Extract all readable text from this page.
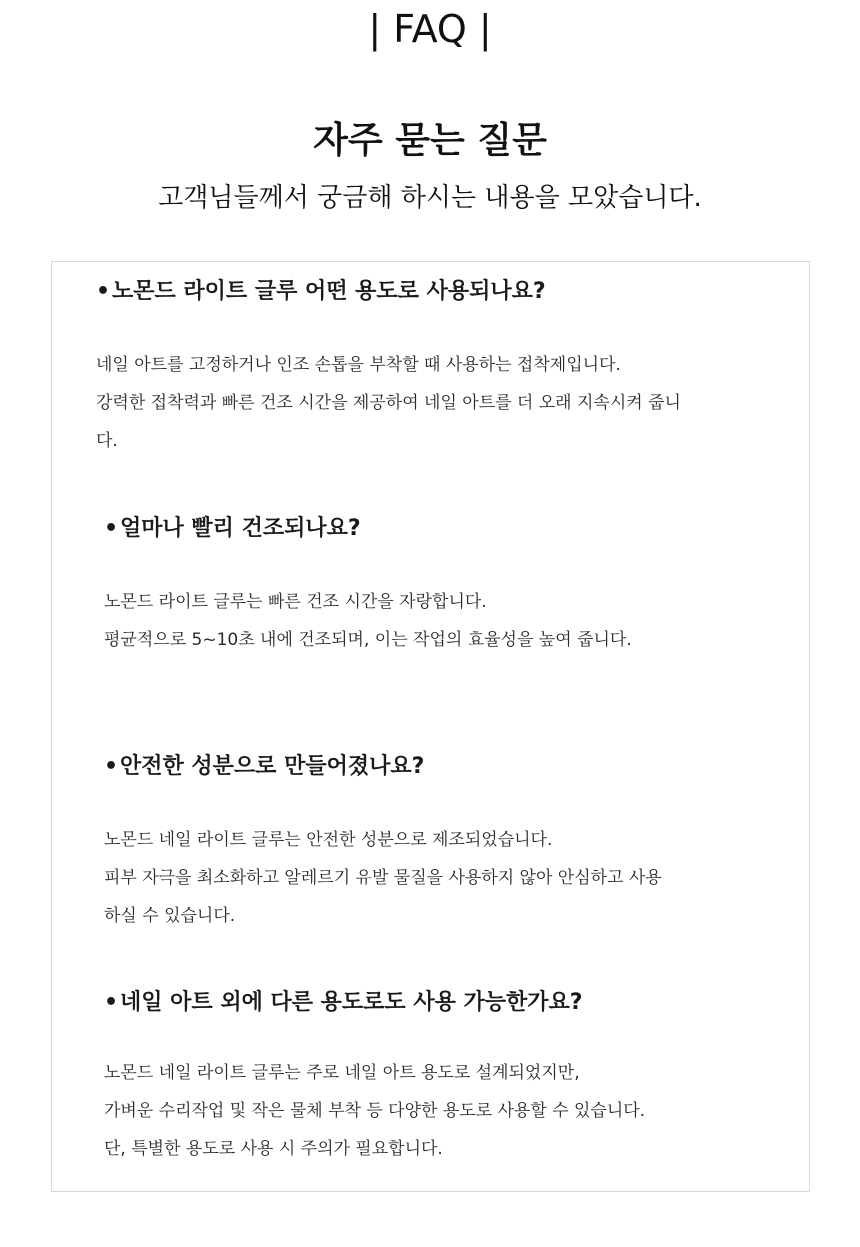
| FAQ |
자주 묻는 질문
고객님들께서 궁금해 하시는 내용을 모았습니다.
•노몬드 라이트 글루 어떤 용도로 사용되나요?

네일 아트를 고정하거나 인조 손톱을 부착할 때 사용하는 접착제입니다.

강력한 접착력과 빠른 건조 시간을 제공하여 네일 아트를 더 오래 지속시켜 줍니

다.

•얼마나 빨리 건조되나요?

노몬드 라이트 글루는 빠른 건조 시간을 자랑합니다.

평균적으로 5~10초 내에 건조되며, 이는 작업의 효율성을 높여 줍니다.

•안전한 성분으로 만들어졌나요?

노몬드 네일 라이트 글루는 안전한 성분으로 제조되었습니다.

피부 자극을 최소화하고 알레르기 유발 물질을 사용하지 않아 안심하고 사용

하실 수 있습니다.

•네일 아트 외에 다른 용도로도 사용 가능한가요?

노몬드 네일 라이트 글루는 주로 네일 아트 용도로 설계되었지만,

가벼운 수리작업 및 작은 물체 부착 등 다양한 용도로 사용할 수 있습니다.

단, 특별한 용도로 사용 시 주의가 필요합니다.
